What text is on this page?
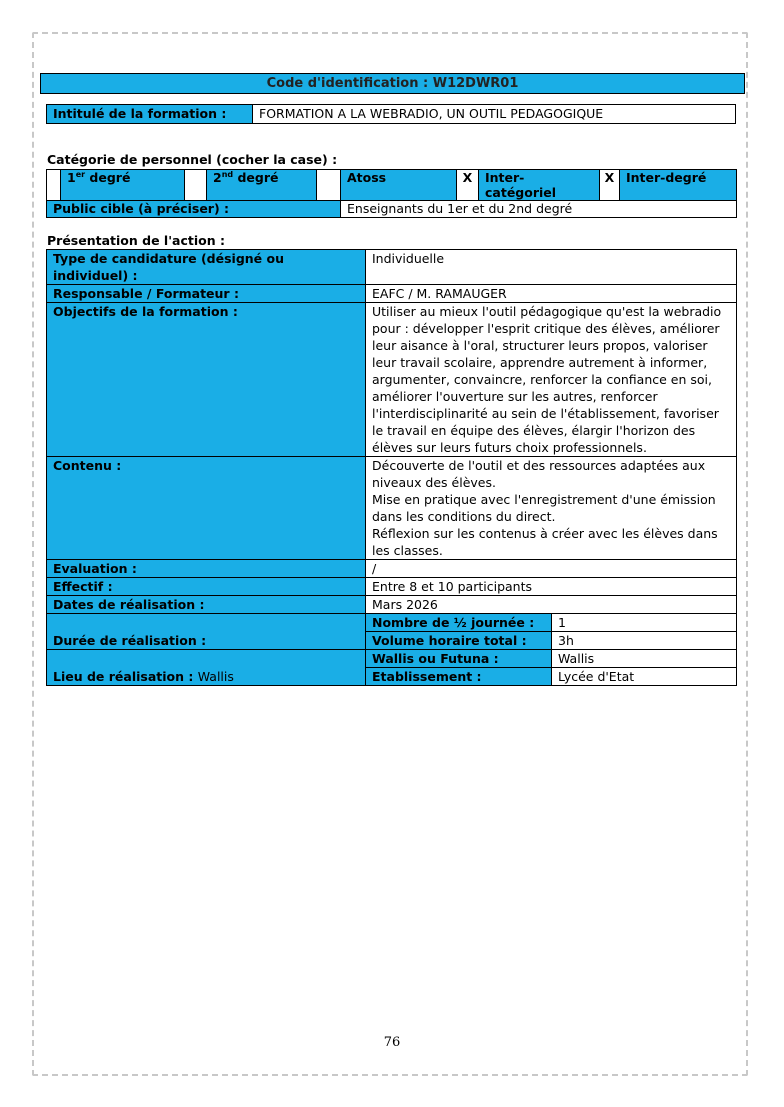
Code d'identification : W12DWR01
Intitulé de la formation :	FORMATION A LA WEBRADIO, UN OUTIL PEDAGOGIQUE
Catégorie de personnel (cocher la case) :
	1er degré		2nd degré		Atoss	X	Inter-catégoriel	X	Inter-degré
Public cible (à préciser) :					Enseignants du 1er et du 2nd degré				
Présentation de l'action :
Type de candidature (désigné ou individuel) :	Individuelle	
Responsable / Formateur :	EAFC / M. RAMAUGER	
Objectifs de la formation :	Utiliser au mieux l'outil pédagogique qu'est la webradio pour : développer l'esprit critique des élèves, améliorer leur aisance à l'oral, structurer leurs propos, valoriser leur travail scolaire, apprendre autrement à informer, argumenter, convaincre, renforcer la confiance en soi, améliorer l'ouverture sur les autres, renforcer l'interdisciplinarité au sein de l'établissement, favoriser le travail en équipe des élèves, élargir l'horizon des élèves sur leurs futurs choix professionnels.	
Contenu :	Découverte de l'outil et des ressources adaptées aux niveaux des élèves.
Mise en pratique avec l'enregistrement d'une émission dans les conditions du direct.
Réflexion sur les contenus à créer avec les élèves dans les classes.	

Evaluation :	/	
Effectif :	Entre 8 et 10 participants	
Dates de réalisation :	Mars 2026	
Durée de réalisation :	Nombre de ½ journée :	1
	Volume horaire total :	3h
Lieu de réalisation : Wallis	Wallis ou Futuna :	Wallis
	Etablissement :	Lycée d'Etat
76
